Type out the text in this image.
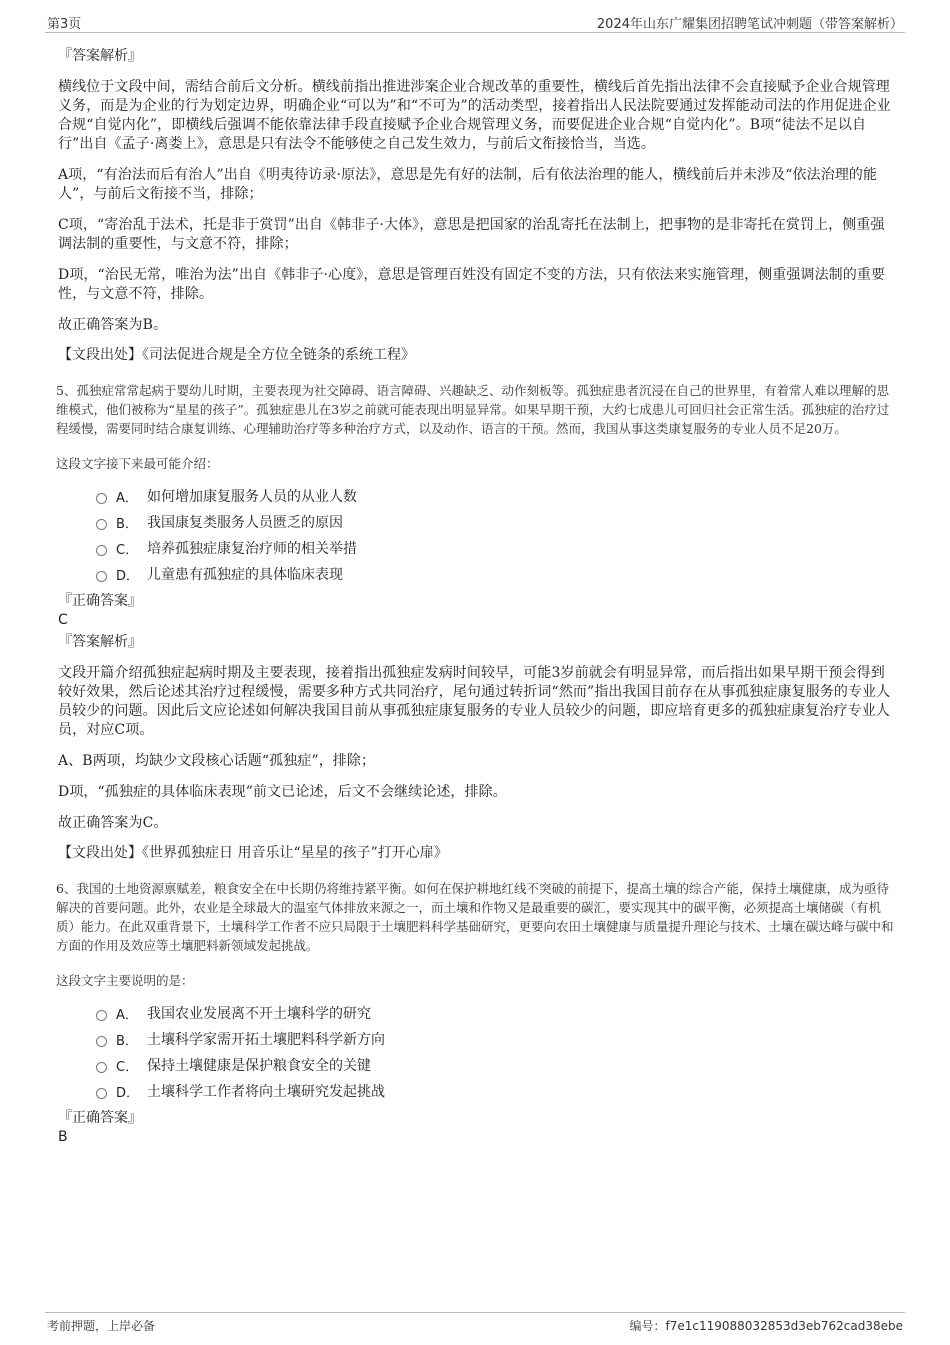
第3页	2024年山东广耀集团招聘笔试冲刺题（带答案解析）
『答案解析』

横线位于文段中间，需结合前后文分析。横线前指出推进涉案企业合规改革的重要性，横线后首先指出法律不会直接赋予企业合规管理义务，而是为企业的行为划定边界，明确企业“可以为”和“不可为”的活动类型，接着指出人民法院要通过发挥能动司法的作用促进企业合规“自觉内化”，即横线后强调不能依靠法律手段直接赋予企业合规管理义务，而要促进企业合规“自觉内化”。B项“徒法不足以自行”出自《孟子·离娄上》，意思是只有法令不能够使之自己发生效力，与前后文衔接恰当，当选。

A项，“有治法而后有治人”出自《明夷待访录·原法》，意思是先有好的法制，后有依法治理的能人，横线前后并未涉及“依法治理的能人”，与前后文衔接不当，排除；

C项，“寄治乱于法术，托是非于赏罚”出自《韩非子·大体》，意思是把国家的治乱寄托在法制上，把事物的是非寄托在赏罚上，侧重强调法制的重要性，与文意不符，排除；

D项，“治民无常，唯治为法”出自《韩非子·心度》，意思是管理百姓没有固定不变的方法，只有依法来实施管理，侧重强调法制的重要性，与文意不符，排除。

故正确答案为B。

【文段出处】《司法促进合规是全方位全链条的系统工程》

5、孤独症常常起病于婴幼儿时期，主要表现为社交障碍、语言障碍、兴趣缺乏、动作刻板等。孤独症患者沉浸在自己的世界里，有着常人难以理解的思维模式，他们被称为“星星的孩子”。孤独症患儿在3岁之前就可能表现出明显异常。如果早期干预，大约七成患儿可回归社会正常生活。孤独症的治疗过程缓慢，需要同时结合康复训练、心理辅助治疗等多种治疗方式，以及动作、语言的干预。然而，我国从事这类康复服务的专业人员不足20万。

这段文字接下来最可能介绍：

A． 如何增加康复服务人员的从业人数
B． 我国康复类服务人员匮乏的原因
C． 培养孤独症康复治疗师的相关举措
D． 儿童患有孤独症的具体临床表现
『正确答案』
C
『答案解析』

文段开篇介绍孤独症起病时期及主要表现，接着指出孤独症发病时间较早，可能3岁前就会有明显异常，而后指出如果早期干预会得到较好效果，然后论述其治疗过程缓慢，需要多种方式共同治疗，尾句通过转折词“然而”指出我国目前存在从事孤独症康复服务的专业人员较少的问题。因此后文应论述如何解决我国目前从事孤独症康复服务的专业人员较少的问题，即应培育更多的孤独症康复治疗专业人员，对应C项。

A、B两项，均缺少文段核心话题“孤独症”，排除；

D项，“孤独症的具体临床表现”前文已论述，后文不会继续论述，排除。

故正确答案为C。

【文段出处】《世界孤独症日 用音乐让“星星的孩子”打开心扉》

6、我国的土地资源禀赋差，粮食安全在中长期仍将维持紧平衡。如何在保护耕地红线不突破的前提下，提高土壤的综合产能，保持土壤健康，成为亟待解决的首要问题。此外，农业是全球最大的温室气体排放来源之一，而土壤和作物又是最重要的碳汇，要实现其中的碳平衡，必须提高土壤储碳（有机质）能力。在此双重背景下，土壤科学工作者不应只局限于土壤肥料科学基础研究，更要向农田土壤健康与质量提升理论与技术、土壤在碳达峰与碳中和方面的作用及效应等土壤肥料新领域发起挑战。

这段文字主要说明的是：

A． 我国农业发展离不开土壤科学的研究
B． 土壤科学家需开拓土壤肥料科学新方向
C． 保持土壤健康是保护粮食安全的关键
D． 土壤科学工作者将向土壤研究发起挑战
『正确答案』
B
考前押题，上岸必备	编号：f7e1c119088032853d3eb762cad38ebe
